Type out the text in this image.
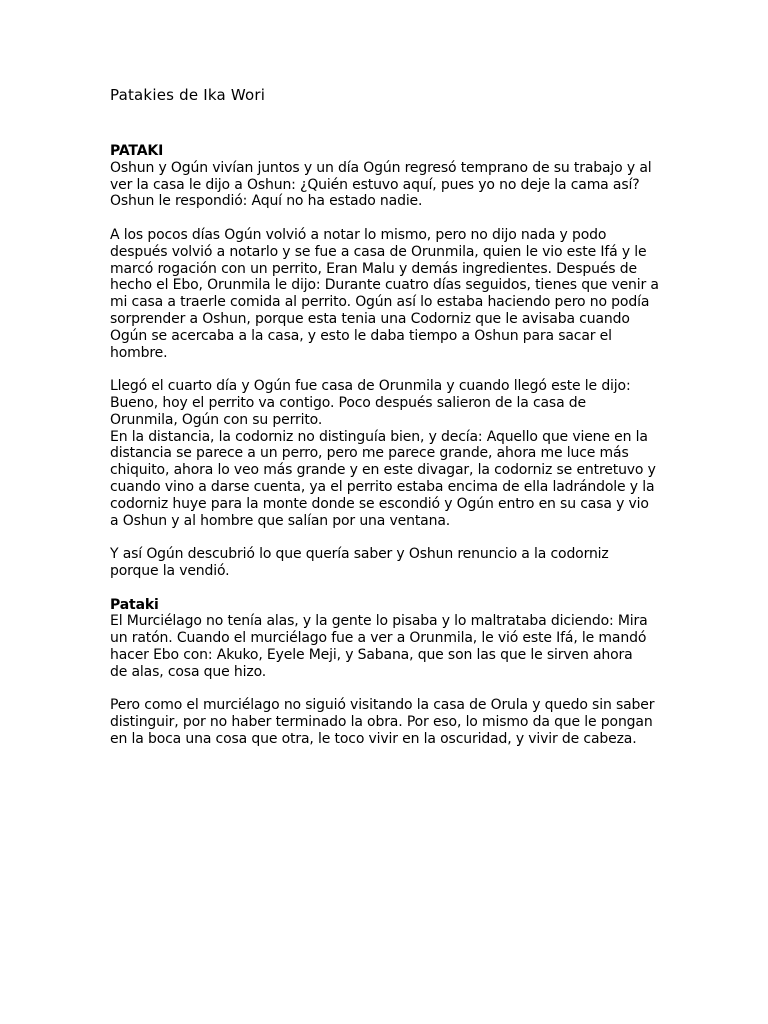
Patakies de Ika Wori
PATAKI
Oshun y Ogún vivían juntos y un día Ogún regresó temprano de su trabajo y al
ver la casa le dijo a Oshun: ¿Quién estuvo aquí, pues yo no deje la cama así?
Oshun le respondió: Aquí no ha estado nadie.
A los pocos días Ogún volvió a notar lo mismo, pero no dijo nada y podo
después volvió a notarlo y se fue a casa de Orunmila, quien le vio este Ifá y le
marcó rogación con un perrito, Eran Malu y demás ingredientes. Después de
hecho el Ebo, Orunmila le dijo: Durante cuatro días seguidos, tienes que venir a
mi casa a traerle comida al perrito. Ogún así lo estaba haciendo pero no podía
sorprender a Oshun, porque esta tenia una Codorniz que le avisaba cuando
Ogún se acercaba a la casa, y esto le daba tiempo a Oshun para sacar el
hombre.
Llegó el cuarto día y Ogún fue casa de Orunmila y cuando llegó este le dijo:
Bueno, hoy el perrito va contigo. Poco después salieron de la casa de
Orunmila, Ogún con su perrito.
En la distancia, la codorniz no distinguía bien, y decía: Aquello que viene en la
distancia se parece a un perro, pero me parece grande, ahora me luce más
chiquito, ahora lo veo más grande y en este divagar, la codorniz se entretuvo y
cuando vino a darse cuenta, ya el perrito estaba encima de ella ladrándole y la
codorniz huye para la monte donde se escondió y Ogún entro en su casa y vio
a Oshun y al hombre que salían por una ventana.
Y así Ogún descubrió lo que quería saber y Oshun renuncio a la codorniz
porque la vendió.
Pataki
El Murciélago no tenía alas, y la gente lo pisaba y lo maltrataba diciendo: Mira
un ratón. Cuando el murciélago fue a ver a Orunmila, le vió este Ifá, le mandó
hacer Ebo con: Akuko, Eyele Meji, y Sabana, que son las que le sirven ahora
de alas, cosa que hizo.
Pero como el murciélago no siguió visitando la casa de Orula y quedo sin saber
distinguir, por no haber terminado la obra. Por eso, lo mismo da que le pongan
en la boca una cosa que otra, le toco vivir en la oscuridad, y vivir de cabeza.
